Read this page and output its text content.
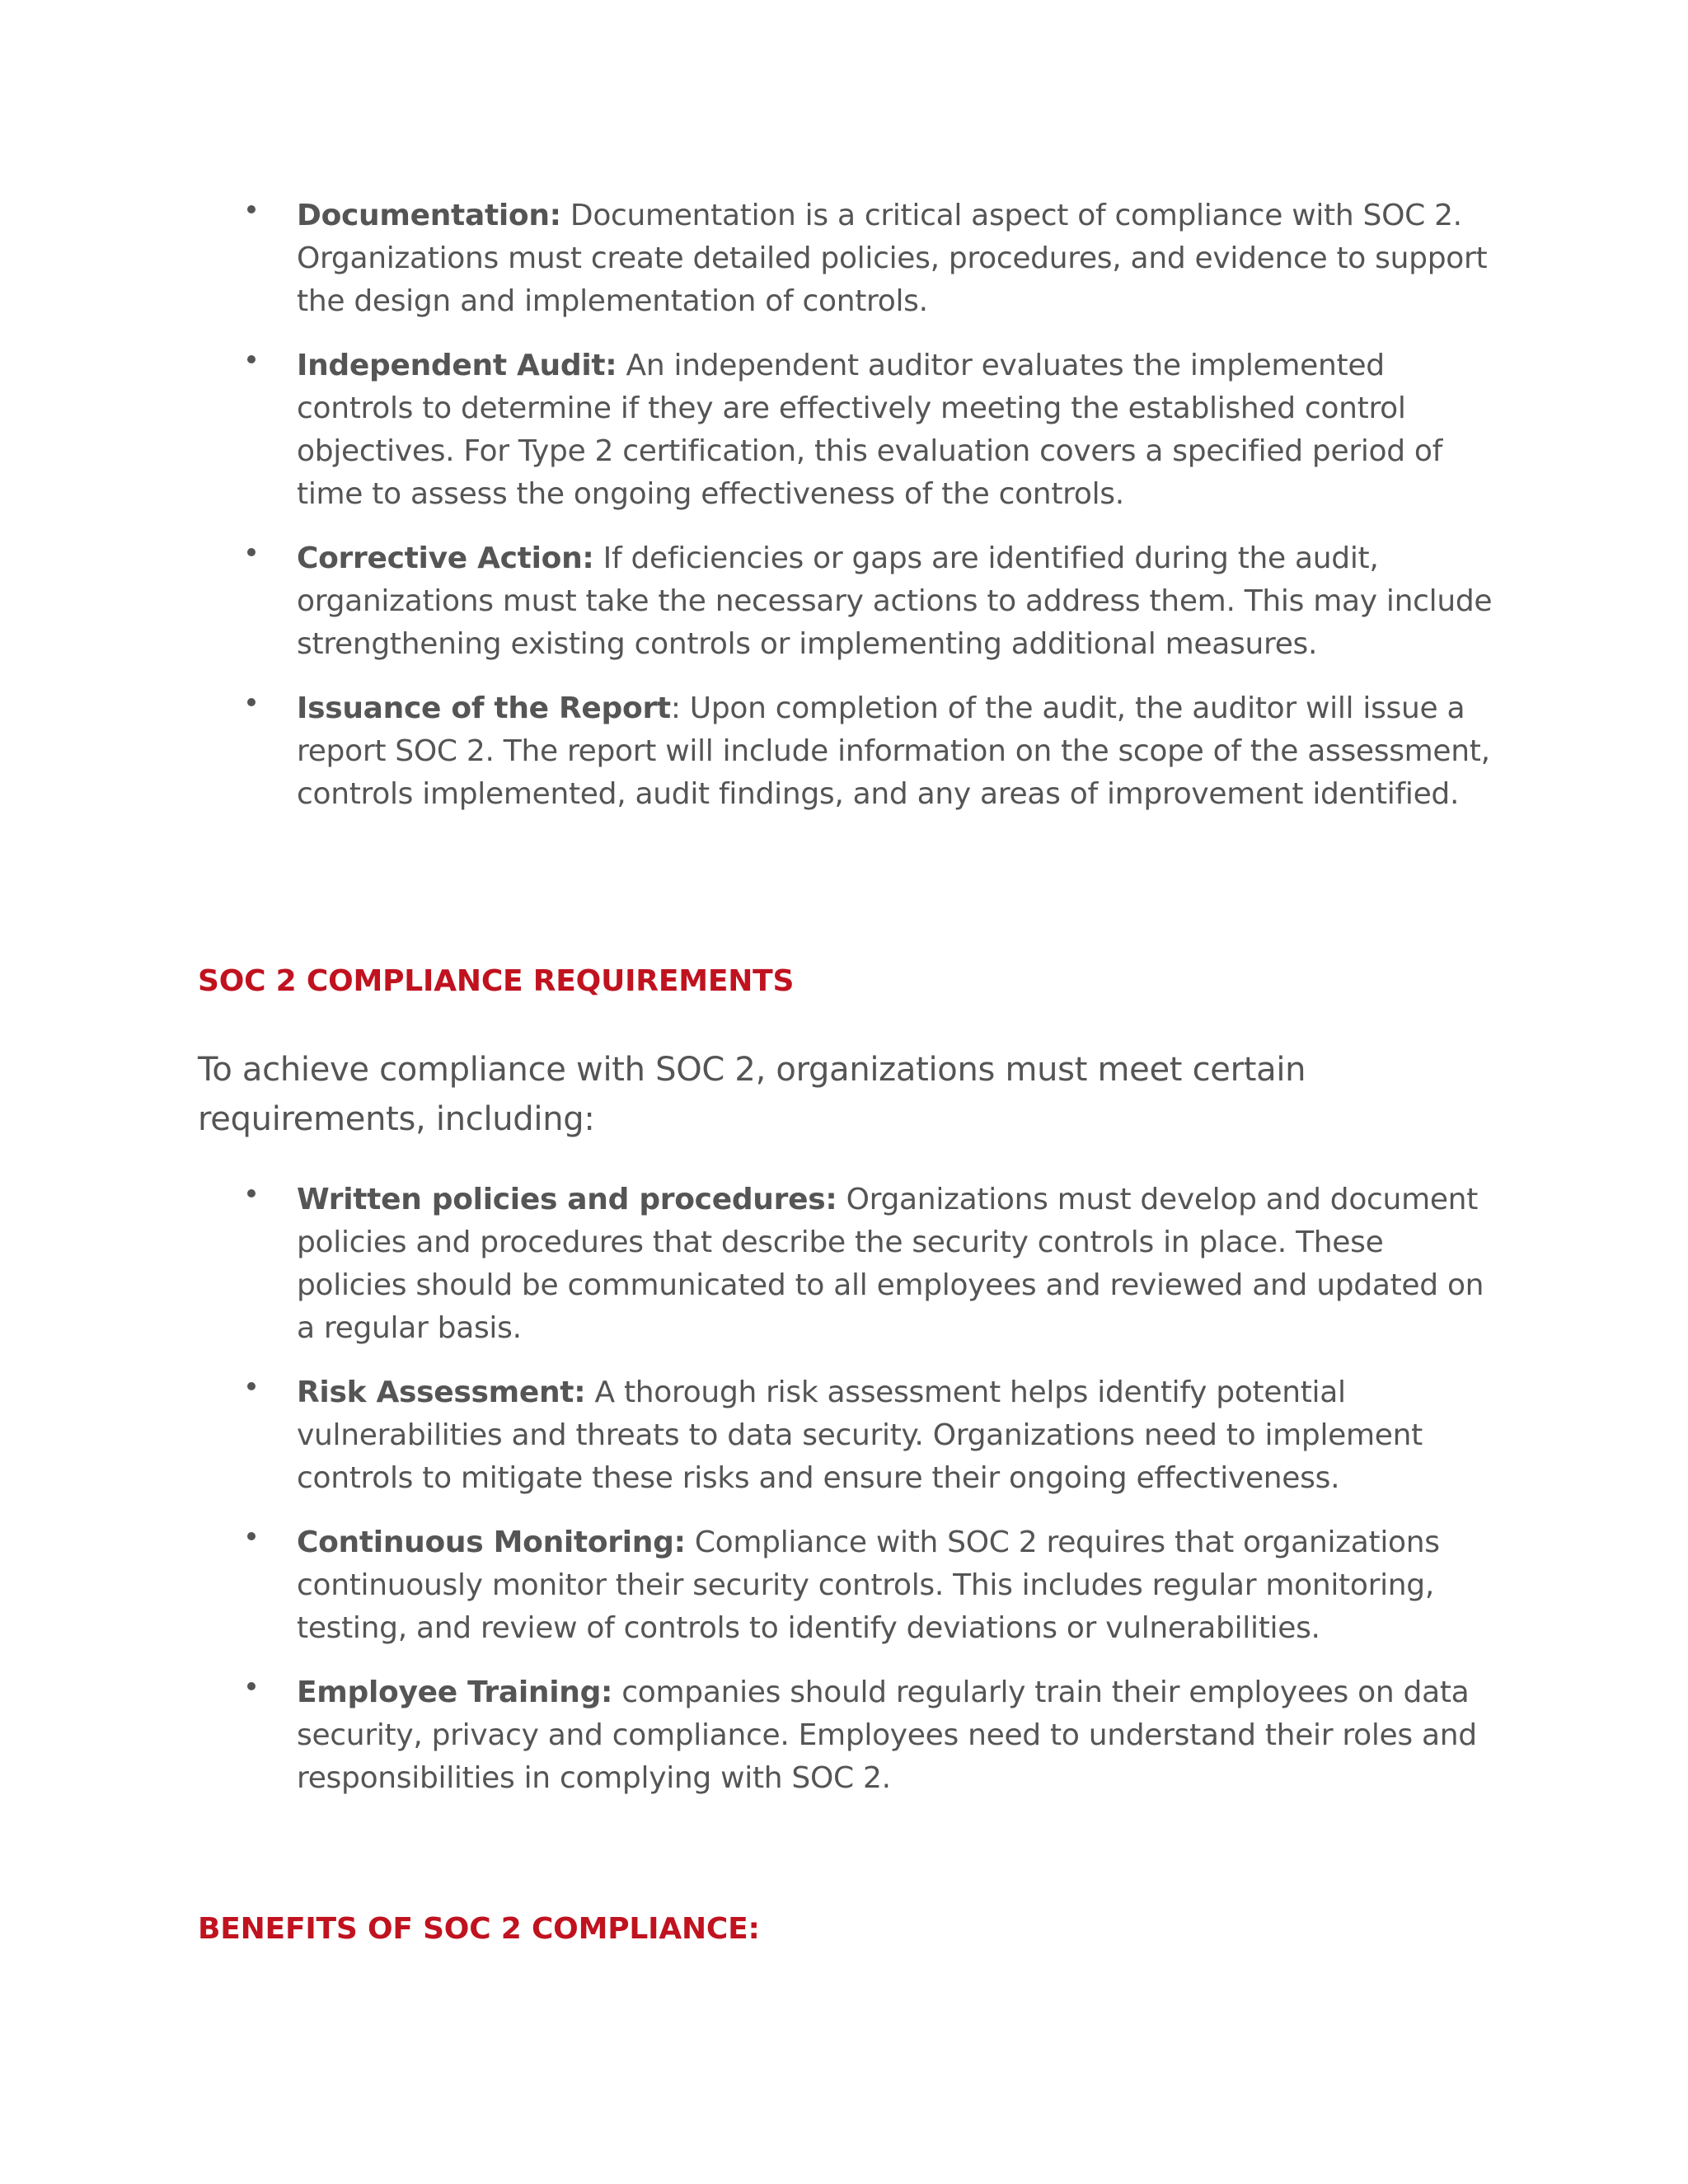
Documentation: Documentation is a critical aspect of compliance with SOC 2. Organizations must create detailed policies, procedures, and evidence to support the design and implementation of controls.
Independent Audit: An independent auditor evaluates the implemented controls to determine if they are effectively meeting the established control objectives. For Type 2 certification, this evaluation covers a specified period of time to assess the ongoing effectiveness of the controls.
Corrective Action: If deficiencies or gaps are identified during the audit, organizations must take the necessary actions to address them. This may include strengthening existing controls or implementing additional measures.
Issuance of the Report: Upon completion of the audit, the auditor will issue a report SOC 2. The report will include information on the scope of the assessment, controls implemented, audit findings, and any areas of improvement identified.
SOC 2 COMPLIANCE REQUIREMENTS

To achieve compliance with SOC 2, organizations must meet certain requirements, including:

Written policies and procedures: Organizations must develop and document policies and procedures that describe the security controls in place. These policies should be communicated to all employees and reviewed and updated on a regular basis.
Risk Assessment: A thorough risk assessment helps identify potential vulnerabilities and threats to data security. Organizations need to implement controls to mitigate these risks and ensure their ongoing effectiveness.
Continuous Monitoring: Compliance with SOC 2 requires that organizations continuously monitor their security controls. This includes regular monitoring, testing, and review of controls to identify deviations or vulnerabilities.
Employee Training: companies should regularly train their employees on data security, privacy and compliance. Employees need to understand their roles and responsibilities in complying with SOC 2.
BENEFITS OF SOC 2 COMPLIANCE:
